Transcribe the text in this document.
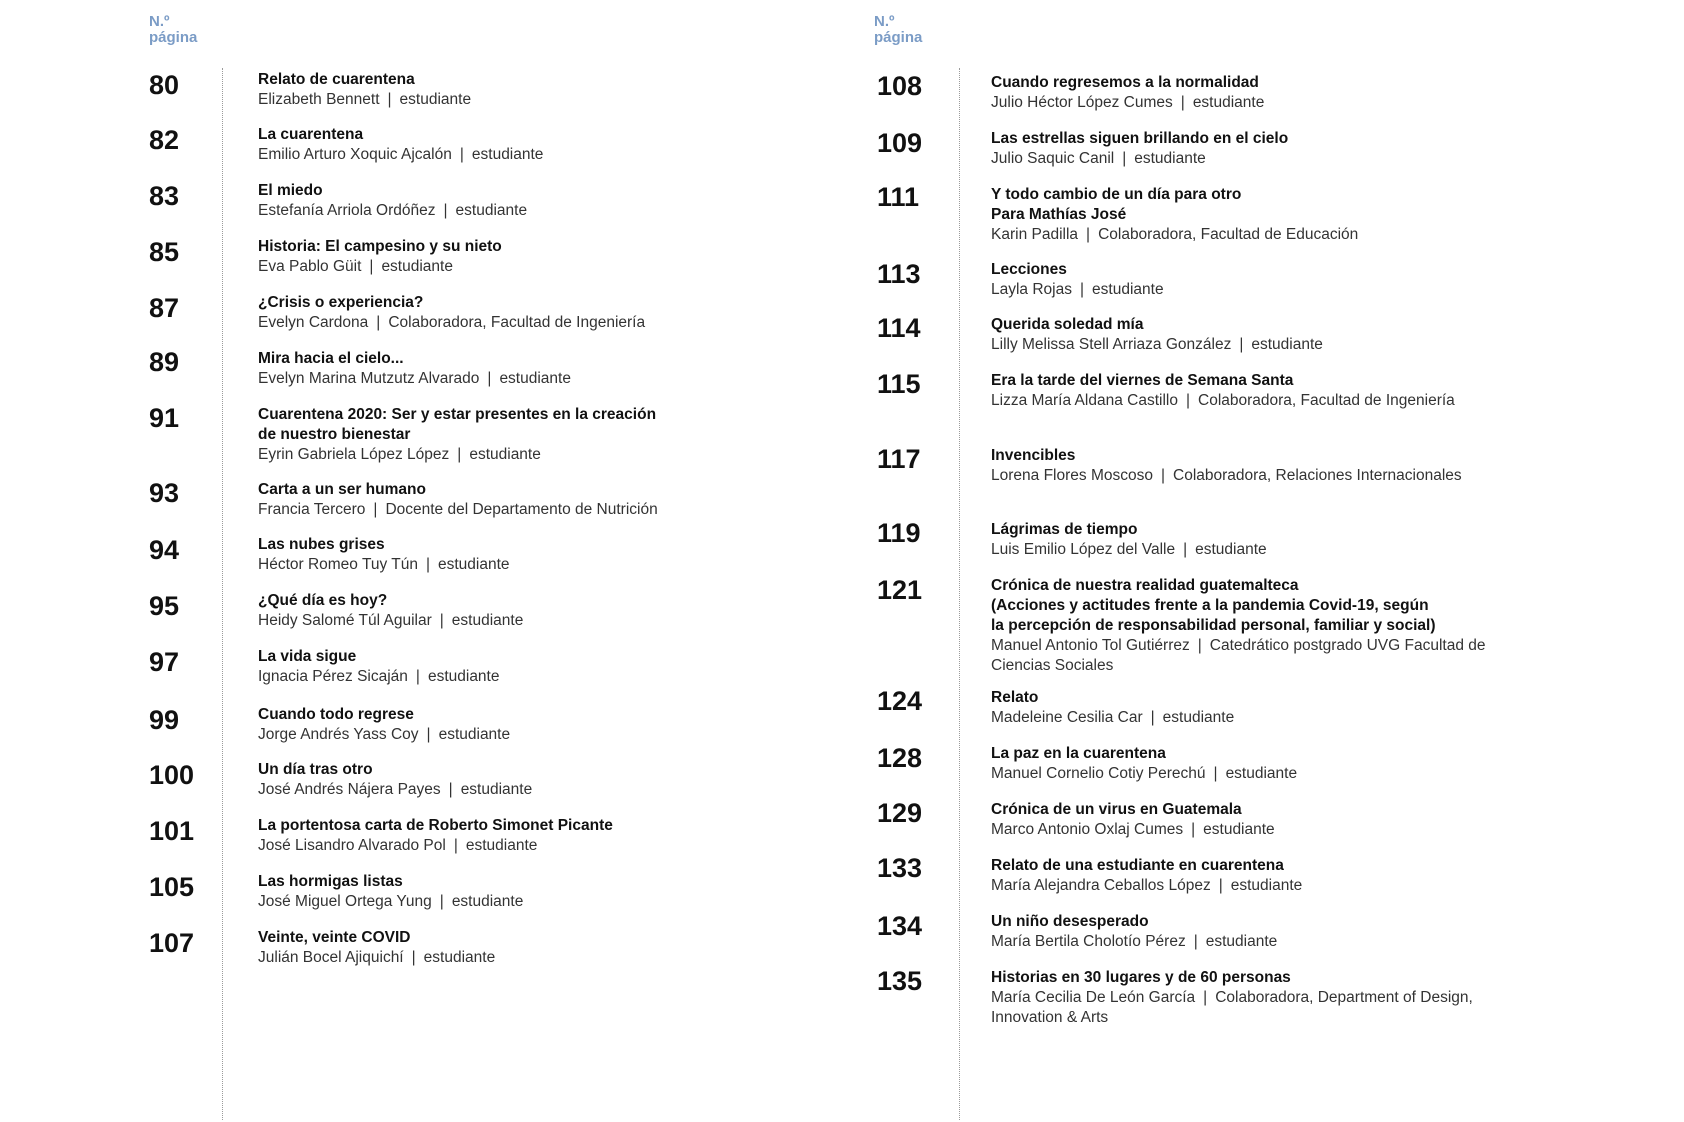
N.º
página
80	Relato de cuarentena
Elizabeth Bennett | estudiante
82	La cuarentena
Emilio Arturo Xoquic Ajcalón | estudiante
83	El miedo
Estefanía Arriola Ordóñez | estudiante
85	Historia: El campesino y su nieto
Eva Pablo Güit | estudiante
87	¿Crisis o experiencia?
Evelyn Cardona | Colaboradora, Facultad de Ingeniería
89	Mira hacia el cielo...
Evelyn Marina Mutzutz Alvarado | estudiante
91	Cuarentena 2020: Ser y estar presentes en la creación
de nuestro bienestar
Eyrin Gabriela López López | estudiante
93	Carta a un ser humano
Francia Tercero | Docente del Departamento de Nutrición
94	Las nubes grises
Héctor Romeo Tuy Tún | estudiante
95	¿Qué día es hoy?
Heidy Salomé Túl Aguilar | estudiante
97	La vida sigue
Ignacia Pérez Sicaján | estudiante
99	Cuando todo regrese
Jorge Andrés Yass Coy | estudiante
100	Un día tras otro
José Andrés Nájera Payes | estudiante
101	La portentosa carta de Roberto Simonet Picante
José Lisandro Alvarado Pol | estudiante
105	Las hormigas listas
José Miguel Ortega Yung | estudiante
107	Veinte, veinte COVID
Julián Bocel Ajiquichí | estudiante
N.º
página
108	Cuando regresemos a la normalidad
Julio Héctor López Cumes | estudiante
109	Las estrellas siguen brillando en el cielo
Julio Saquic Canil | estudiante
111	Y todo cambio de un día para otro
Para Mathías José
Karin Padilla | Colaboradora, Facultad de Educación
113	Lecciones
Layla Rojas | estudiante
114	Querida soledad mía
Lilly Melissa Stell Arriaza González | estudiante
115	Era la tarde del viernes de Semana Santa
Lizza María Aldana Castillo | Colaboradora, Facultad de Ingeniería
117	Invencibles
Lorena Flores Moscoso | Colaboradora, Relaciones Internacionales
119	Lágrimas de tiempo
Luis Emilio López del Valle | estudiante
121	Crónica de nuestra realidad guatemalteca
(Acciones y actitudes frente a la pandemia Covid-19, según
la percepción de responsabilidad personal, familiar y social)
Manuel Antonio Tol Gutiérrez | Catedrático postgrado UVG Facultad de Ciencias Sociales
124	Relato
Madeleine Cesilia Car | estudiante
128	La paz en la cuarentena
Manuel Cornelio Cotiy Perechú | estudiante
129	Crónica de un virus en Guatemala
Marco Antonio Oxlaj Cumes | estudiante
133	Relato de una estudiante en cuarentena
María Alejandra Ceballos López | estudiante
134	Un niño desesperado
María Bertila Cholotío Pérez | estudiante
135	Historias en 30 lugares y de 60 personas
María Cecilia De León García | Colaboradora, Department of Design, Innovation & Arts
